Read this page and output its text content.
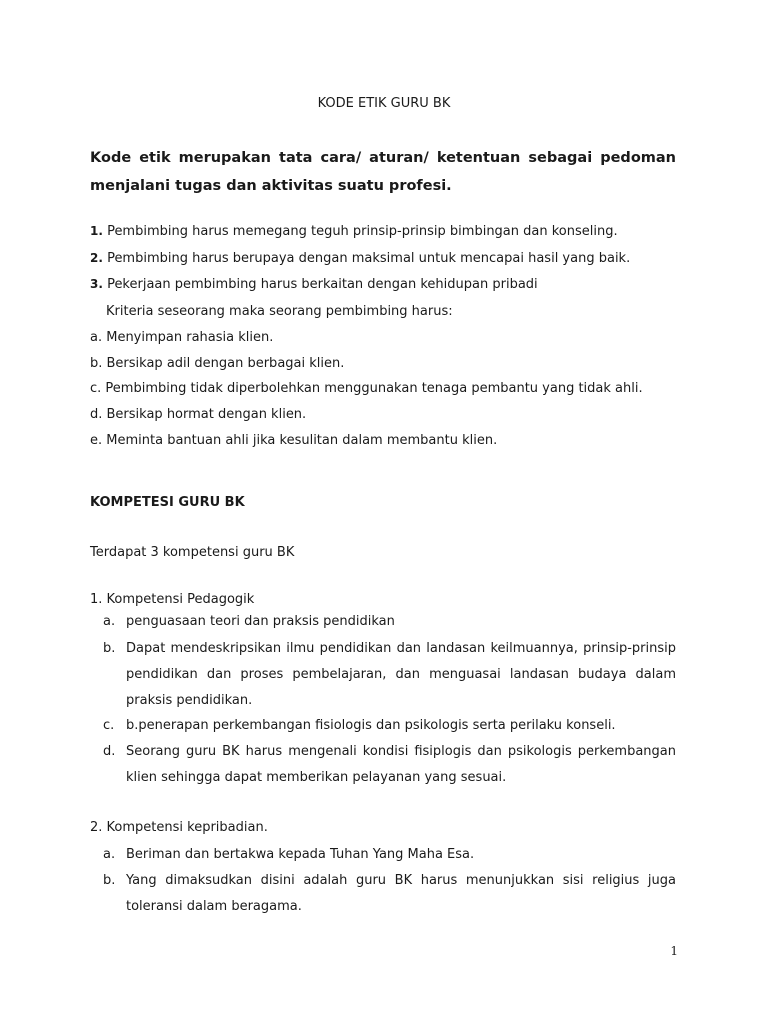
KODE ETIK GURU BK
Kode etik merupakan tata cara/ aturan/ ketentuan sebagai pedoman menjalani tugas dan aktivitas suatu profesi.
1. Pembimbing harus memegang teguh prinsip-prinsip bimbingan dan konseling.
2. Pembimbing harus berupaya dengan maksimal untuk mencapai hasil yang baik.
3. Pekerjaan pembimbing harus berkaitan dengan kehidupan pribadi
Kriteria seseorang maka seorang pembimbing harus:
a. Menyimpan rahasia klien.
b. Bersikap adil dengan berbagai klien.
c. Pembimbing tidak diperbolehkan menggunakan tenaga pembantu yang tidak ahli.
d. Bersikap hormat dengan klien.
e. Meminta bantuan ahli jika kesulitan dalam membantu klien.
KOMPETESI GURU BK
Terdapat 3 kompetensi guru BK
1. Kompetensi Pedagogik
a. penguasaan teori dan praksis pendidikan
b. Dapat mendeskripsikan ilmu pendidikan dan landasan keilmuannya, prinsip-prinsip pendidikan dan proses pembelajaran, dan menguasai landasan budaya dalam praksis pendidikan.
c. b.penerapan perkembangan fisiologis dan psikologis serta perilaku konseli.
d. Seorang guru BK harus mengenali kondisi fisiplogis dan psikologis perkembangan klien sehingga dapat memberikan pelayanan yang sesuai.
2. Kompetensi kepribadian.
a. Beriman dan bertakwa kepada Tuhan Yang Maha Esa.
b. Yang dimaksudkan disini adalah guru BK harus menunjukkan sisi religius juga toleransi dalam beragama.
1
